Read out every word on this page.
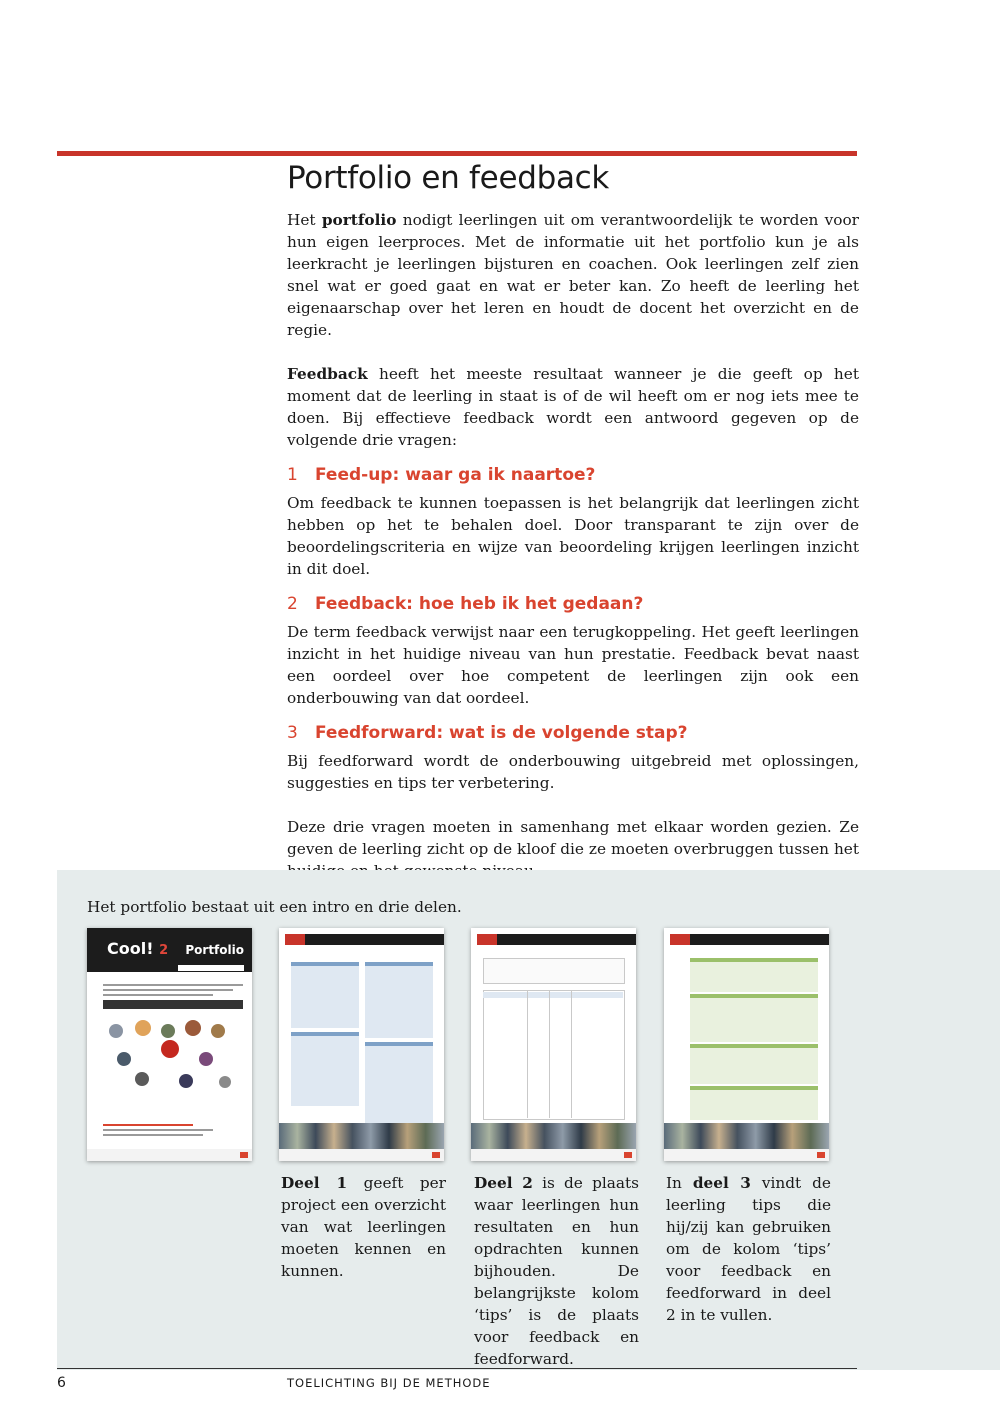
Portfolio en feedback

Het portfolio nodigt leerlingen uit om verantwoordelijk te worden voor hun eigen leerproces. Met de informatie uit het portfolio kun je als leerkracht je leerlingen bijsturen en coachen. Ook leerlingen zelf zien snel wat er goed gaat en wat er beter kan. Zo heeft de leerling het eigenaarschap over het leren en houdt de docent het overzicht en de regie.

Feedback heeft het meeste resultaat wanneer je die geeft op het moment dat de leerling in staat is of de wil heeft om er nog iets mee te doen. Bij effectieve feedback wordt een antwoord gegeven op de volgende drie vragen:

1 Feed-up: waar ga ik naartoe?

Om feedback te kunnen toepassen is het belangrijk dat leerlingen zicht hebben op het te behalen doel. Door transparant te zijn over de beoordelingscriteria en wijze van beoordeling krijgen leerlingen inzicht in dit doel.

2 Feedback: hoe heb ik het gedaan?

De term feedback verwijst naar een terugkoppeling. Het geeft leerlingen inzicht in het huidige niveau van hun prestatie. Feedback bevat naast een oordeel over hoe competent de leerlingen zijn ook een onderbouwing van dat oordeel.

3 Feedforward: wat is de volgende stap?

Bij feedforward wordt de onderbouwing uitgebreid met oplossingen, suggesties en tips ter verbetering.

Deze drie vragen moeten in samenhang met elkaar worden gezien. Ze geven de leerling zicht op de kloof die ze moeten overbruggen tussen het

Het portfolio bestaat uit een intro en drie delen.

Cool! 2 Portfolio

Deel 1 geeft per project een overzicht van wat leerlingen moeten kennen en kunnen.

Deel 2 is de plaats waar leerlingen hun resultaten en hun opdrachten kunnen bijhouden. De belangrijkste kolom ‘tips’ is de plaats voor feedback en feedforward.

In deel 3 vindt de leerling tips die hij/zij kan gebruiken om de kolom ‘tips’ voor feedback en feedforward in deel 2 in te vullen.

6	TOELICHTING BIJ DE METHODE
